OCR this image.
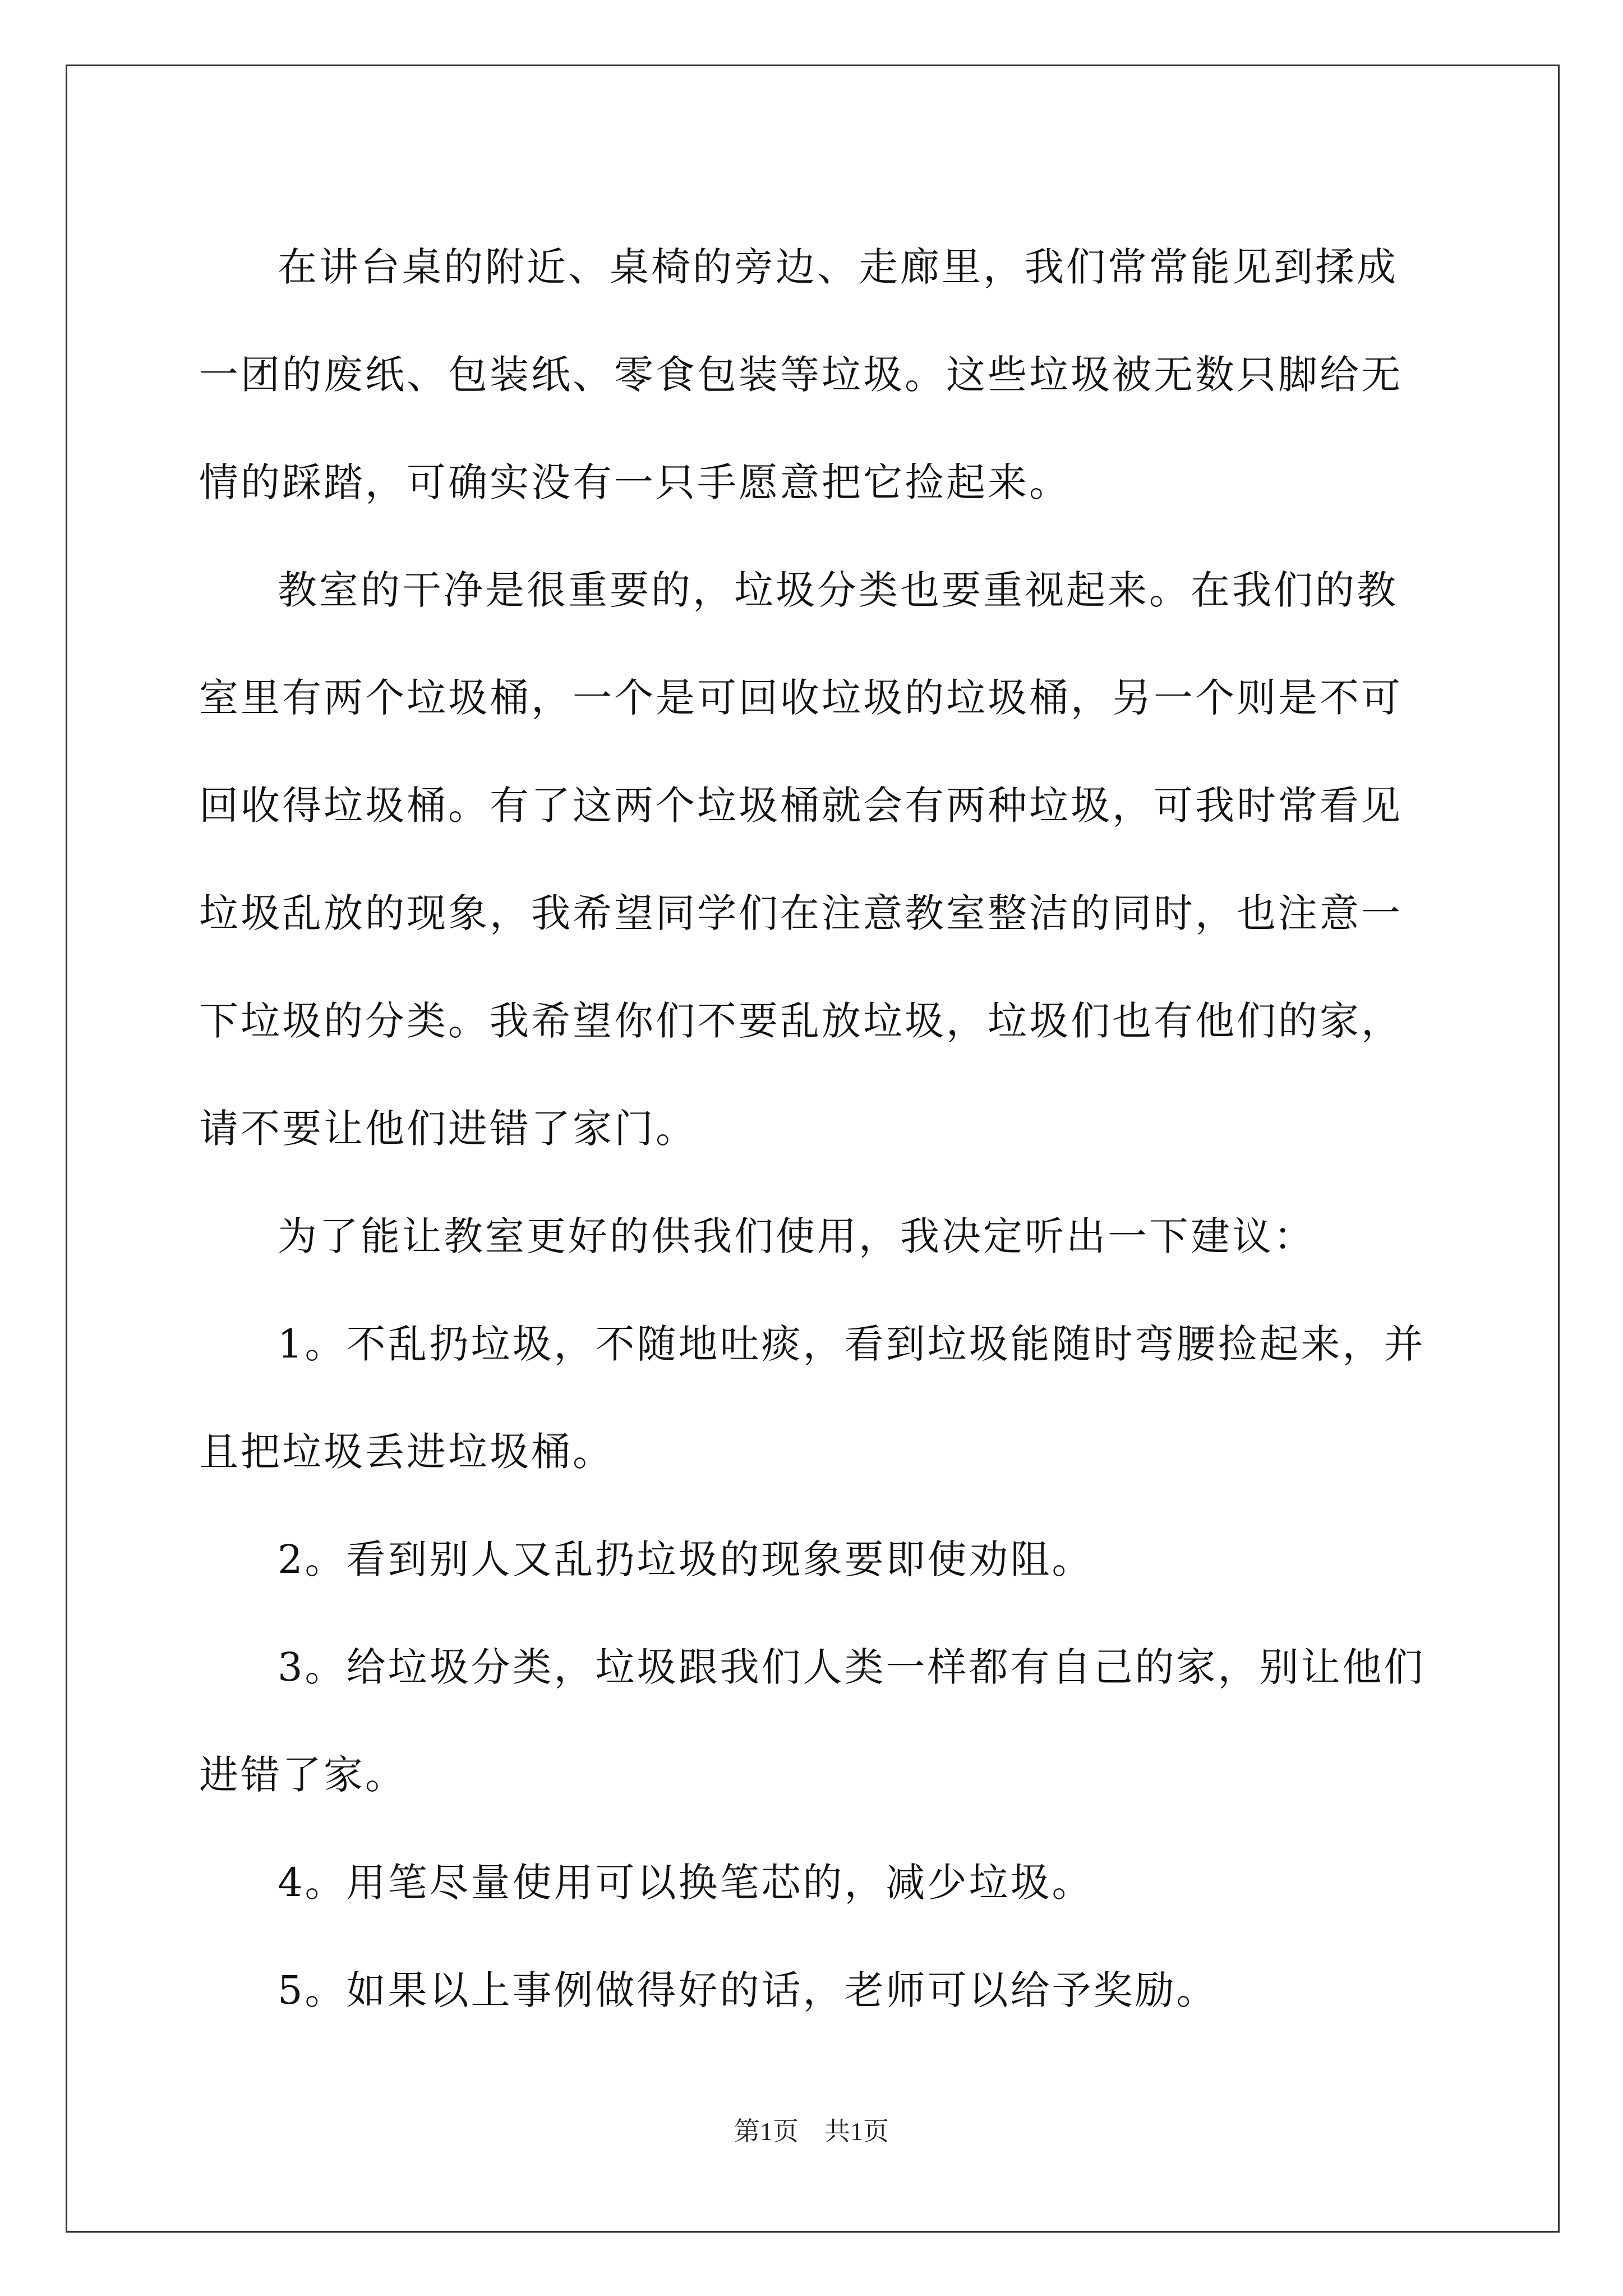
在讲台桌的附近、桌椅的旁边、走廊里，我们常常能见到揉成一团的废纸、包装纸、零食包装等垃圾。这些垃圾被无数只脚给无情的踩踏，可确实没有一只手愿意把它捡起来。

教室的干净是很重要的，垃圾分类也要重视起来。在我们的教室里有两个垃圾桶，一个是可回收垃圾的垃圾桶，另一个则是不可回收得垃圾桶。有了这两个垃圾桶就会有两种垃圾，可我时常看见垃圾乱放的现象，我希望同学们在注意教室整洁的同时，也注意一下垃圾的分类。我希望你们不要乱放垃圾，垃圾们也有他们的家，请不要让他们进错了家门。

为了能让教室更好的供我们使用，我决定听出一下建议：

1。不乱扔垃圾，不随地吐痰，看到垃圾能随时弯腰捡起来，并且把垃圾丢进垃圾桶。

2。看到别人又乱扔垃圾的现象要即使劝阻。

3。给垃圾分类，垃圾跟我们人类一样都有自己的家，别让他们进错了家。

4。用笔尽量使用可以换笔芯的，减少垃圾。

5。如果以上事例做得好的话，老师可以给予奖励。

第1页　共1页
